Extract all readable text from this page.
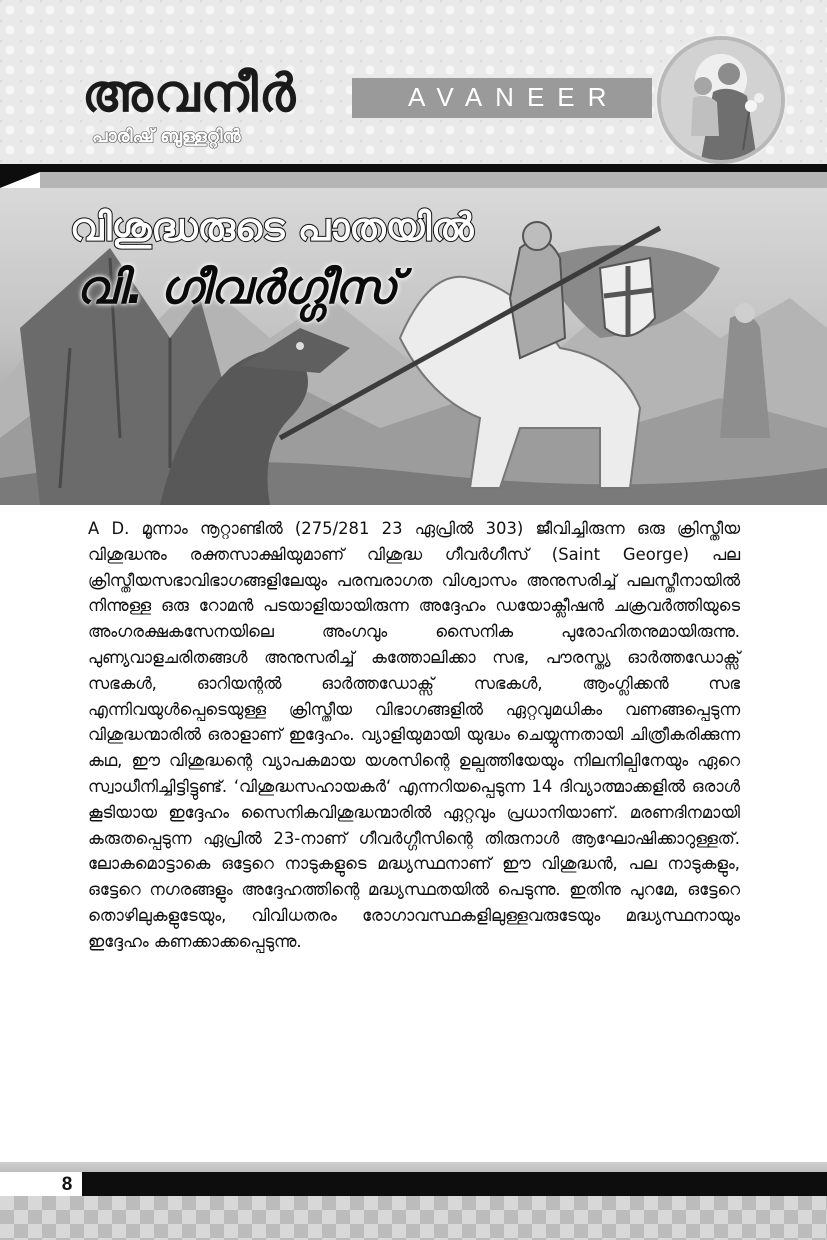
അവനീർ
പാരിഷ് ബുള്ളറ്റിൻ
AVANEER
വിശുദ്ധരുടെ പാതയിൽ
വി. ഗീവർഗ്ഗീസ്

A D. മൂന്നാം നൂറ്റാണ്ടിൽ (275/281 23 ഏപ്രിൽ 303) ജീവിച്ചിരുന്ന ഒരു ക്രിസ്തീയ വിശുദ്ധനും രക്തസാക്ഷിയുമാണ് വിശുദ്ധ ഗീവർഗീസ് (Saint George) പല ക്രിസ്തീയസഭാവിഭാഗങ്ങളിലേയും പരമ്പരാഗത വിശ്വാസം അനുസരിച്ച് പലസ്തീനായിൽ നിന്നുള്ള ഒരു റോമൻ പടയാളിയായിരുന്ന അദ്ദേഹം ഡയോക്ലീഷൻ ചക്രവർത്തിയുടെ അംഗരക്ഷകസേനയിലെ അംഗവും സൈനിക പുരോഹിതനുമായിരുന്നു. പുണ്യവാളചരിതങ്ങൾ അനുസരിച്ച് കത്തോലിക്കാ സഭ, പൗരസ്ത്യ ഓർത്തഡോക്സ് സഭകൾ, ഓറിയന്റൽ ഓർത്തഡോക്സ് സഭകൾ, ആംഗ്ലിക്കൻ സഭ എന്നിവയുൾപ്പെടെയുള്ള ക്രിസ്തീയ വിഭാഗങ്ങളിൽ ഏറ്റവുമധികം വണങ്ങപ്പെടുന്ന വിശുദ്ധന്മാരിൽ ഒരാളാണ് ഇദ്ദേഹം. വ്യാളിയുമായി യുദ്ധം ചെയ്യുന്നതായി ചിത്രീകരിക്കുന്ന കഥ, ഈ വിശുദ്ധന്റെ വ്യാപകമായ യശസിന്റെ ഉല്പത്തിയേയും നിലനില്പിനേയും ഏറെ സ്വാധീനിച്ചിട്ടിട്ടുണ്ട്. ‘വിശുദ്ധസഹായകർ‘ എന്നറിയപ്പെടുന്ന 14 ദിവ്യാത്മാക്കളിൽ ഒരാൾ കൂടിയായ ഇദ്ദേഹം സൈനികവിശുദ്ധന്മാരിൽ ഏറ്റവും പ്രധാനിയാണ്. മരണദിനമായി കരുതപ്പെടുന്ന ഏപ്രിൽ 23-നാണ് ഗീവർഗ്ഗീസിന്റെ തിരുനാൾ ആഘോഷിക്കാറുള്ളത്. ലോകമൊട്ടാകെ ഒട്ടേറെ നാടുകളുടെ മദ്ധ്യസ്ഥനാണ് ഈ വിശുദ്ധൻ, പല നാടുകളും, ഒട്ടേറെ നഗരങ്ങളും അദ്ദേഹത്തിന്റെ മദ്ധ്യസ്ഥതയിൽ പെടുന്നു. ഇതിനു പുറമേ, ഒട്ടേറെ തൊഴിലുകളുടേയും, വിവിധതരം രോഗാവസ്ഥകളിലുള്ളവരുടേയും മദ്ധ്യസ്ഥനായും ഇദ്ദേഹം കണക്കാക്കപ്പെടുന്നു.

8
